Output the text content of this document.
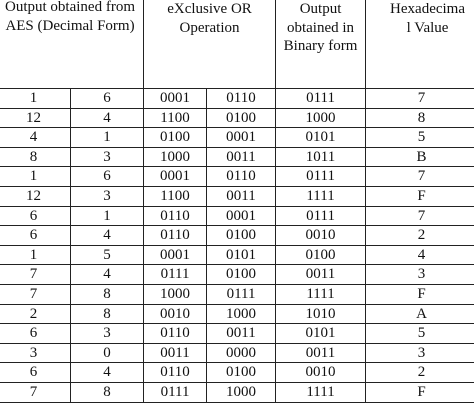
Output obtained from AES (Decimal Form)		eXclusive OR Operation		Output obtained in Binary form	Hexadecimal Value

1	6	0001	0110	0111	7
12	4	1100	0100	1000	8
4	1	0100	0001	0101	5
8	3	1000	0011	1011	B
1	6	0001	0110	0111	7
12	3	1100	0011	1111	F
6	1	0110	0001	0111	7
6	4	0110	0100	0010	2
1	5	0001	0101	0100	4
7	4	0111	0100	0011	3
7	8	1000	0111	1111	F
2	8	0010	1000	1010	A
6	3	0110	0011	0101	5
3	0	0011	0000	0011	3
6	4	0110	0100	0010	2
7	8	0111	1000	1111	F
